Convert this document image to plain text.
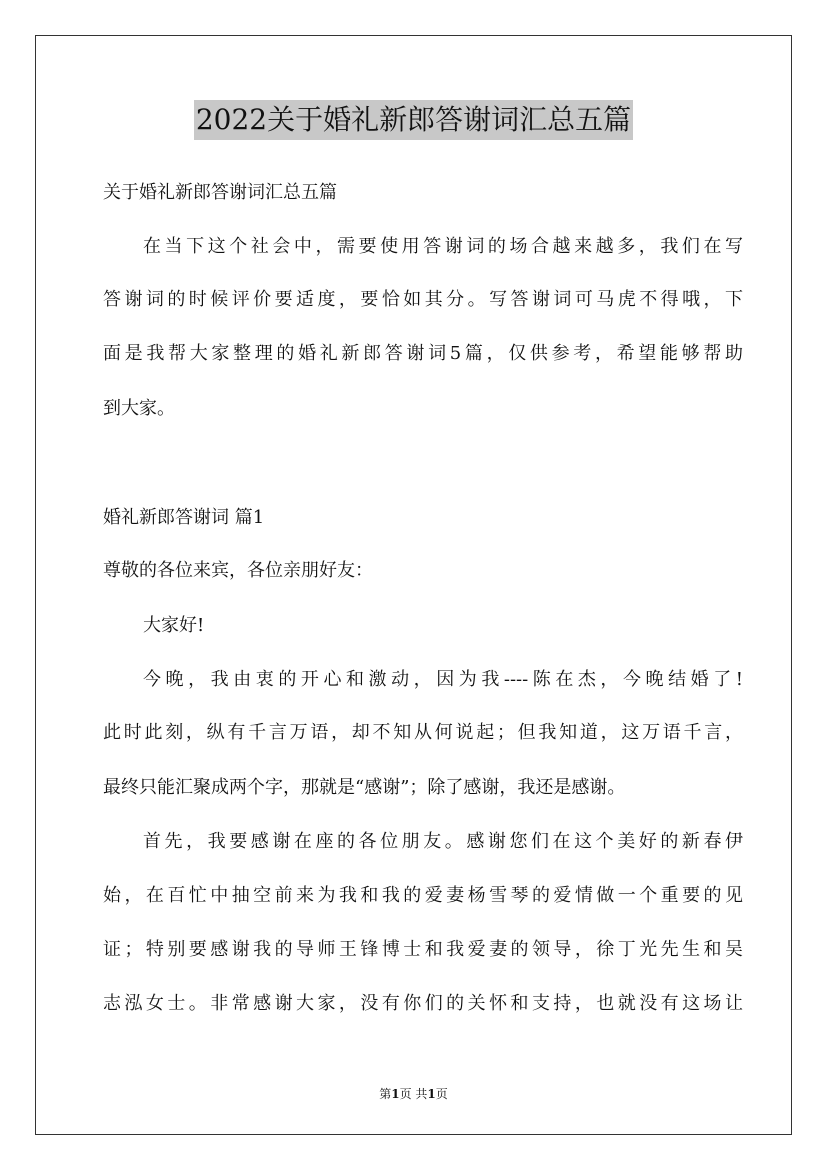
2022关于婚礼新郎答谢词汇总五篇
关于婚礼新郎答谢词汇总五篇
在当下这个社会中，需要使用答谢词的场合越来越多，我们在写
答谢词的时候评价要适度，要恰如其分。写答谢词可马虎不得哦，下
面是我帮大家整理的婚礼新郎答谢词5篇，仅供参考，希望能够帮助
到大家。
婚礼新郎答谢词 篇1
尊敬的各位来宾，各位亲朋好友：
大家好!
今晚，我由衷的开心和激动，因为我----陈在杰，今晚结婚了!
此时此刻，纵有千言万语，却不知从何说起；但我知道，这万语千言，
最终只能汇聚成两个字，那就是“感谢”；除了感谢，我还是感谢。
首先，我要感谢在座的各位朋友。感谢您们在这个美好的新春伊
始，在百忙中抽空前来为我和我的爱妻杨雪琴的爱情做一个重要的见
证；特别要感谢我的导师王锋博士和我爱妻的领导，徐丁光先生和吴
志泓女士。非常感谢大家，没有你们的关怀和支持，也就没有这场让
第1页 共1页
